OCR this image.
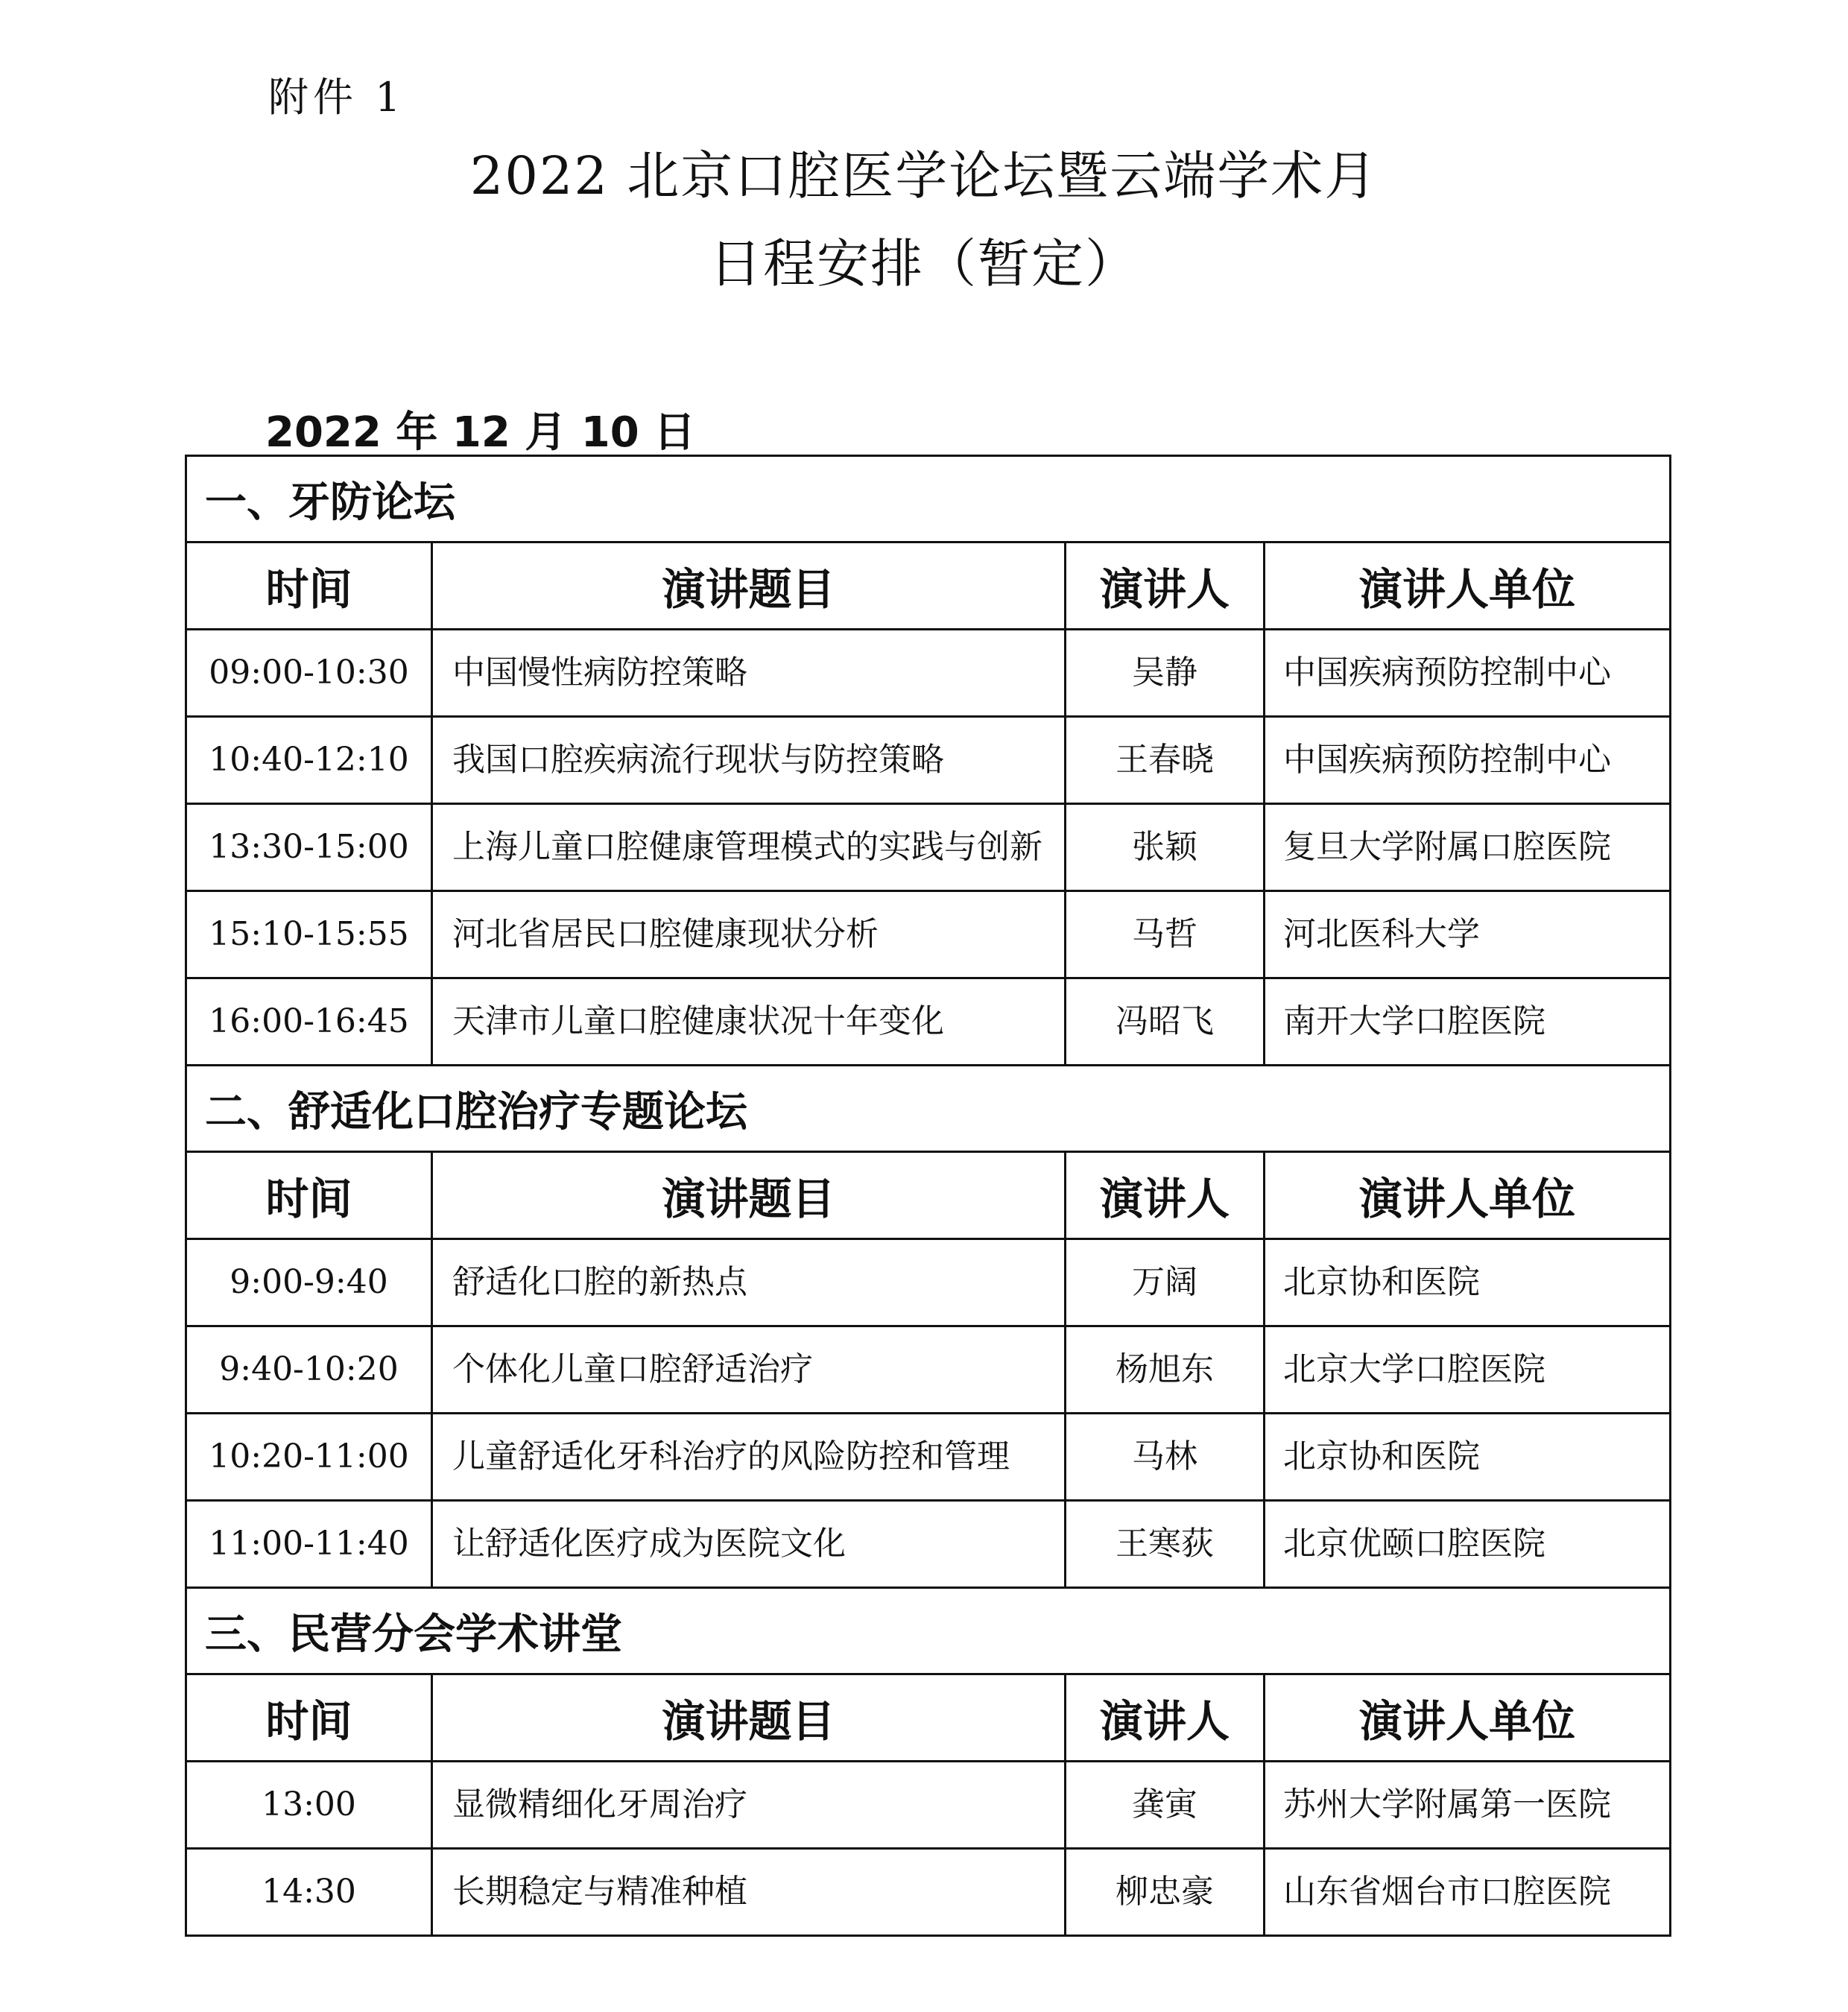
附件 1
2022 北京口腔医学论坛暨云端学术月
日程安排（暂定）
2022 年 12 月 10 日
一、牙防论坛			
时间	演讲题目	演讲人	演讲人单位
09:00-10:30	中国慢性病防控策略	吴静	中国疾病预防控制中心
10:40-12:10	我国口腔疾病流行现状与防控策略	王春晓	中国疾病预防控制中心
13:30-15:00	上海儿童口腔健康管理模式的实践与创新	张颖	复旦大学附属口腔医院
15:10-15:55	河北省居民口腔健康现状分析	马哲	河北医科大学
16:00-16:45	天津市儿童口腔健康状况十年变化	冯昭飞	南开大学口腔医院
二、舒适化口腔治疗专题论坛			
时间	演讲题目	演讲人	演讲人单位
9:00-9:40	舒适化口腔的新热点	万阔	北京协和医院
9:40-10:20	个体化儿童口腔舒适治疗	杨旭东	北京大学口腔医院
10:20-11:00	儿童舒适化牙科治疗的风险防控和管理	马林	北京协和医院
11:00-11:40	让舒适化医疗成为医院文化	王寒荻	北京优颐口腔医院
三、民营分会学术讲堂			
时间	演讲题目	演讲人	演讲人单位
13:00	显微精细化牙周治疗	龚寅	苏州大学附属第一医院
14:30	长期稳定与精准种植	柳忠豪	山东省烟台市口腔医院
